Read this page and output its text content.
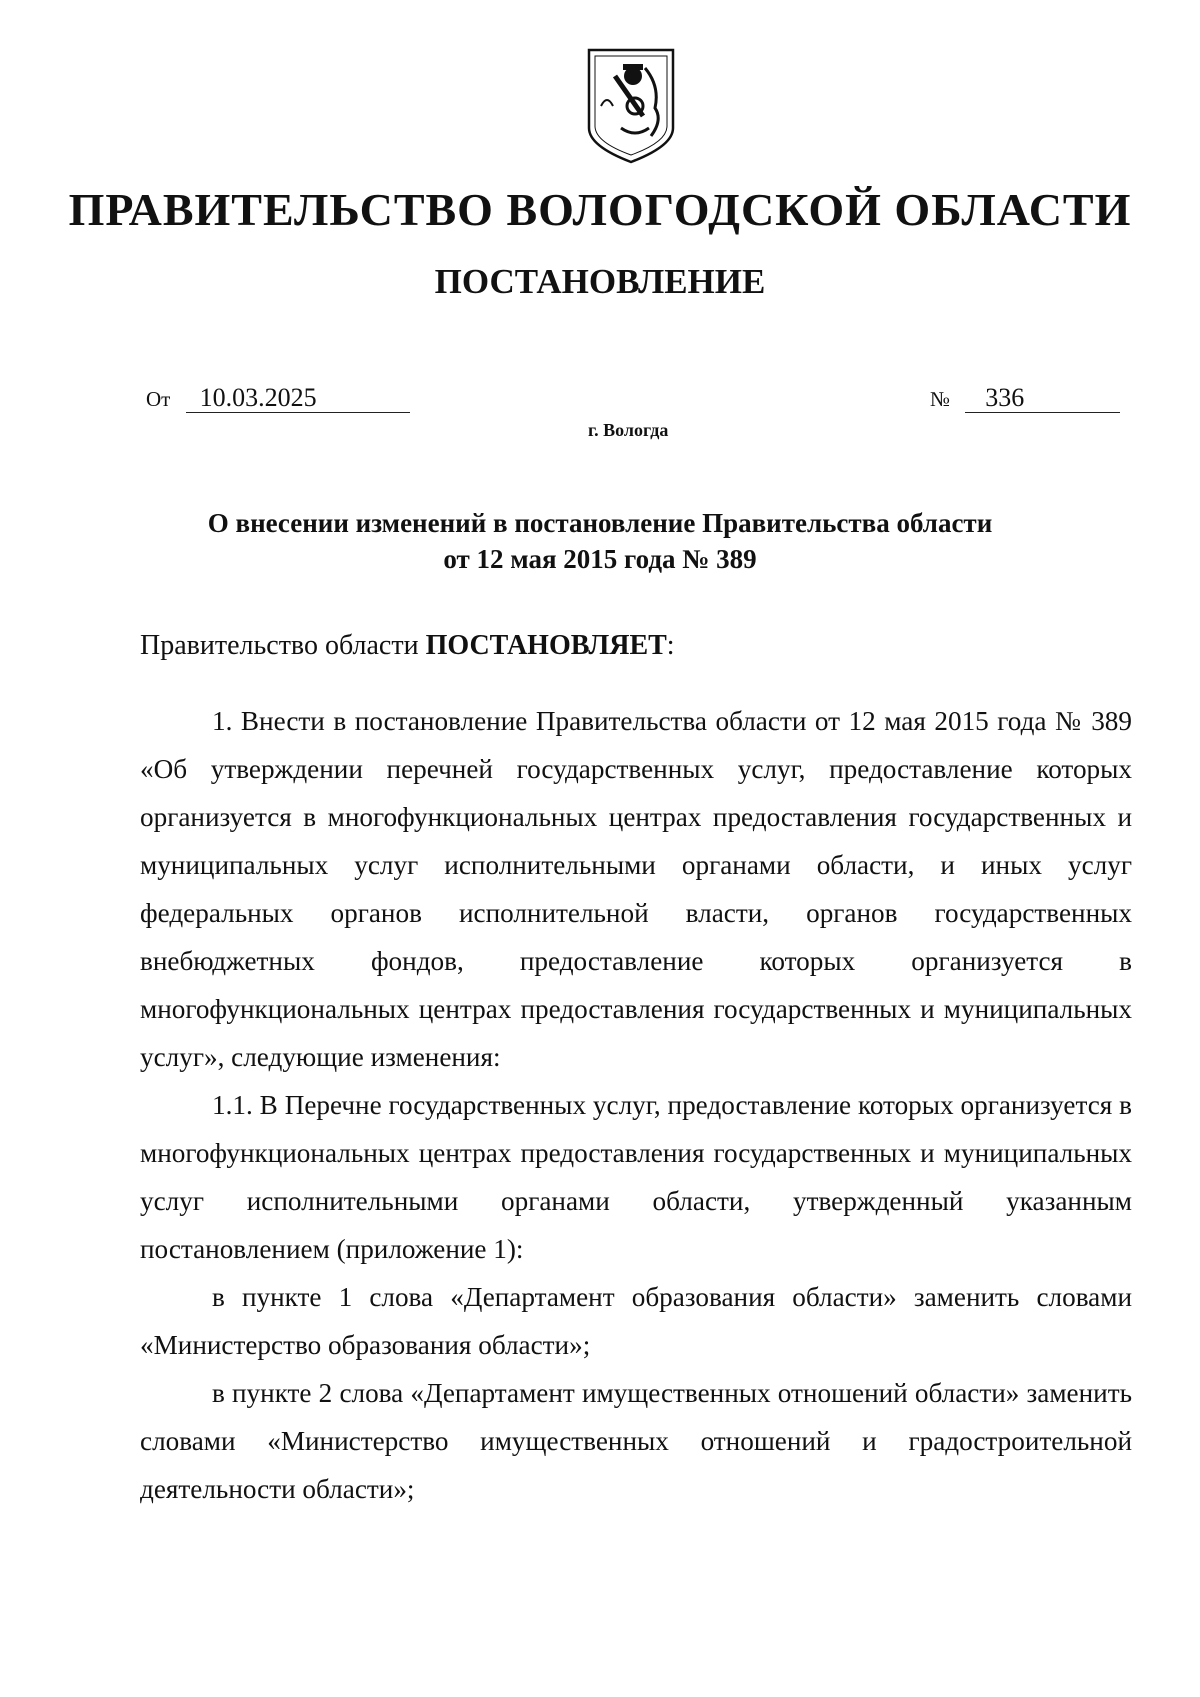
ПРАВИТЕЛЬСТВО ВОЛОГОДСКОЙ ОБЛАСТИ
ПОСТАНОВЛЕНИЕ
От 10.03.2025	№ 336
г. Вологда
О внесении изменений в постановление Правительства области
от 12 мая 2015 года № 389
Правительство области ПОСТАНОВЛЯЕТ:

1. Внести в постановление Правительства области от 12 мая 2015 года № 389 «Об утверждении перечней государственных услуг, предоставление которых организуется в многофункциональных центрах предоставления государственных и муниципальных услуг исполнительными органами области, и иных услуг федеральных органов исполнительной власти, органов государственных внебюджетных фондов, предоставление которых организуется в многофункциональных центрах предоставления государственных и муниципальных услуг», следующие изменения:

1.1. В Перечне государственных услуг, предоставление которых организуется в многофункциональных центрах предоставления государственных и муниципальных услуг исполнительными органами области, утвержденный указанным постановлением (приложение 1):

в пункте 1 слова «Департамент образования области» заменить словами «Министерство образования области»;

в пункте 2 слова «Департамент имущественных отношений области» заменить словами «Министерство имущественных отношений и градостроительной деятельности области»;
